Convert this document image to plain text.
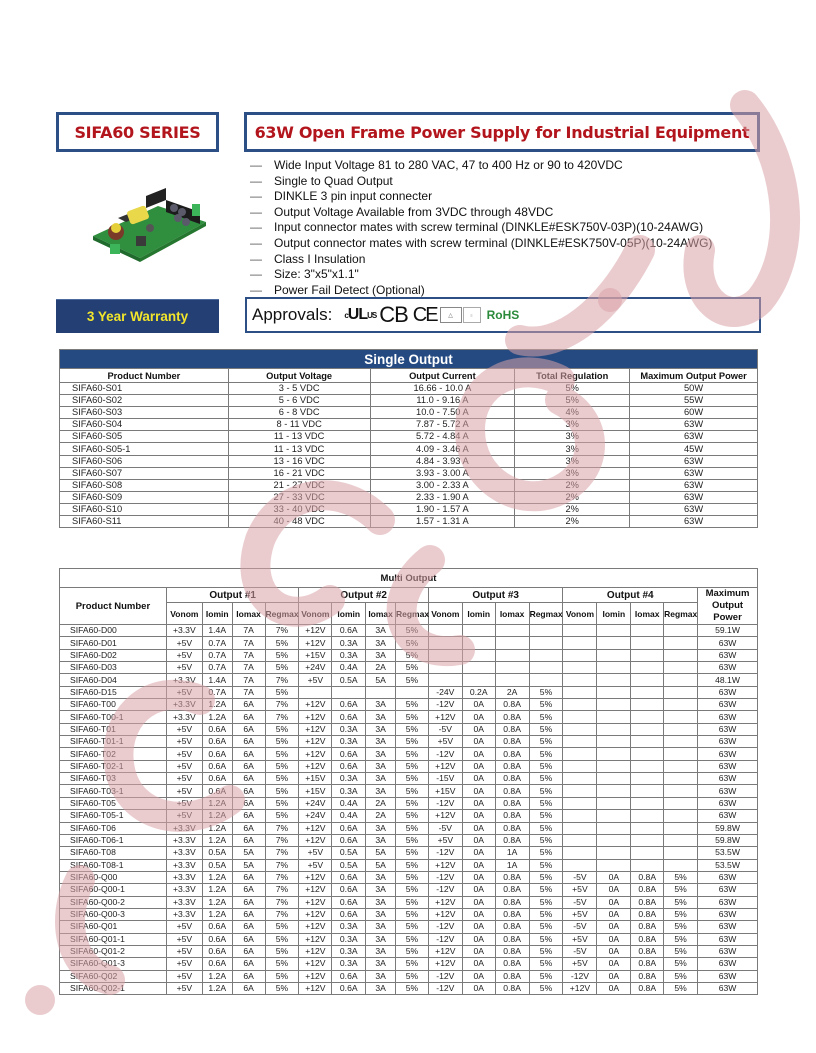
SIFA60 SERIES	63W Open Frame Power Supply for Industrial Equipment
—	Wide Input Voltage 81 to 280 VAC, 47 to 400 Hz or 90 to 420VDC
—	Single to Quad Output
—	DINKLE 3 pin input connecter
—	Output Voltage Available from 3VDC through 48VDC
—	Input connector mates with screw terminal (DINKLE#ESK750V-03P)(10-24AWG)
—	Output connector mates with screw terminal (DINKLE#ESK750V-05P)(10-24AWG)
—	Class I Insulation
—	Size: 3"x5"x1.1"
—	Power Fail Detect (Optional)
3 Year Warranty	Approvals: c UL US CB CE	△	≡	RoHS
Single Output				
Product Number	Output Voltage	Output Current	Total Regulation	Maximum Output Power
SIFA60-S01	3 - 5 VDC	16.66 - 10.0 A	5%	50W
SIFA60-S02	5 - 6 VDC	11.0 - 9.16 A	5%	55W
SIFA60-S03	6 - 8 VDC	10.0 - 7.50 A	4%	60W
SIFA60-S04	8 - 11 VDC	7.87 - 5.72 A	3%	63W
SIFA60-S05	11 - 13 VDC	5.72 - 4.84 A	3%	63W
SIFA60-S05-1	11 - 13 VDC	4.09 - 3.46 A	3%	45W
SIFA60-S06	13 - 16 VDC	4.84 - 3.93 A	3%	63W
SIFA60-S07	16 - 21 VDC	3.93 - 3.00 A	3%	63W
SIFA60-S08	21 - 27 VDC	3.00 - 2.33 A	2%	63W
SIFA60-S09	27 - 33 VDC	2.33 - 1.90 A	2%	63W
SIFA60-S10	33 - 40 VDC	1.90 - 1.57 A	2%	63W
SIFA60-S11	40 - 48 VDC	1.57 - 1.31 A	2%	63W
Multi Output																	
Product Number	Output #1				Output #2				Output #3				Output #4				Maximum Output Power
	Vonom	Iomin	Iomax	Regmax	Vonom	Iomin	Iomax	Regmax	Vonom	Iomin	Iomax	Regmax	Vonom	Iomin	Iomax	Regmax	
SIFA60-D00	+3.3V	1.4A	7A	7%	+12V	0.6A	3A	5%									59.1W
SIFA60-D01	+5V	0.7A	7A	5%	+12V	0.3A	3A	5%									63W
SIFA60-D02	+5V	0.7A	7A	5%	+15V	0.3A	3A	5%									63W
SIFA60-D03	+5V	0.7A	7A	5%	+24V	0.4A	2A	5%									63W
SIFA60-D04	+3.3V	1.4A	7A	7%	+5V	0.5A	5A	5%									48.1W
SIFA60-D15	+5V	0.7A	7A	5%					-24V	0.2A	2A	5%					63W
SIFA60-T00	+3.3V	1.2A	6A	7%	+12V	0.6A	3A	5%	-12V	0A	0.8A	5%					63W
SIFA60-T00-1	+3.3V	1.2A	6A	7%	+12V	0.6A	3A	5%	+12V	0A	0.8A	5%					63W
SIFA60-T01	+5V	0.6A	6A	5%	+12V	0.3A	3A	5%	-5V	0A	0.8A	5%					63W
SIFA60-T01-1	+5V	0.6A	6A	5%	+12V	0.3A	3A	5%	+5V	0A	0.8A	5%					63W
SIFA60-T02	+5V	0.6A	6A	5%	+12V	0.6A	3A	5%	-12V	0A	0.8A	5%					63W
SIFA60-T02-1	+5V	0.6A	6A	5%	+12V	0.6A	3A	5%	+12V	0A	0.8A	5%					63W
SIFA60-T03	+5V	0.6A	6A	5%	+15V	0.3A	3A	5%	-15V	0A	0.8A	5%					63W
SIFA60-T03-1	+5V	0.6A	6A	5%	+15V	0.3A	3A	5%	+15V	0A	0.8A	5%					63W
SIFA60-T05	+5V	1.2A	6A	5%	+24V	0.4A	2A	5%	-12V	0A	0.8A	5%					63W
SIFA60-T05-1	+5V	1.2A	6A	5%	+24V	0.4A	2A	5%	+12V	0A	0.8A	5%					63W
SIFA60-T06	+3.3V	1.2A	6A	7%	+12V	0.6A	3A	5%	-5V	0A	0.8A	5%					59.8W
SIFA60-T06-1	+3.3V	1.2A	6A	7%	+12V	0.6A	3A	5%	+5V	0A	0.8A	5%					59.8W
SIFA60-T08	+3.3V	0.5A	5A	7%	+5V	0.5A	5A	5%	-12V	0A	1A	5%					53.5W
SIFA60-T08-1	+3.3V	0.5A	5A	7%	+5V	0.5A	5A	5%	+12V	0A	1A	5%					53.5W
SIFA60-Q00	+3.3V	1.2A	6A	7%	+12V	0.6A	3A	5%	-12V	0A	0.8A	5%	-5V	0A	0.8A	5%	63W
SIFA60-Q00-1	+3.3V	1.2A	6A	7%	+12V	0.6A	3A	5%	-12V	0A	0.8A	5%	+5V	0A	0.8A	5%	63W
SIFA60-Q00-2	+3.3V	1.2A	6A	7%	+12V	0.6A	3A	5%	+12V	0A	0.8A	5%	-5V	0A	0.8A	5%	63W
SIFA60-Q00-3	+3.3V	1.2A	6A	7%	+12V	0.6A	3A	5%	+12V	0A	0.8A	5%	+5V	0A	0.8A	5%	63W
SIFA60-Q01	+5V	0.6A	6A	5%	+12V	0.3A	3A	5%	-12V	0A	0.8A	5%	-5V	0A	0.8A	5%	63W
SIFA60-Q01-1	+5V	0.6A	6A	5%	+12V	0.3A	3A	5%	-12V	0A	0.8A	5%	+5V	0A	0.8A	5%	63W
SIFA60-Q01-2	+5V	0.6A	6A	5%	+12V	0.3A	3A	5%	+12V	0A	0.8A	5%	-5V	0A	0.8A	5%	63W
SIFA60-Q01-3	+5V	0.6A	6A	5%	+12V	0.3A	3A	5%	+12V	0A	0.8A	5%	+5V	0A	0.8A	5%	63W
SIFA60-Q02	+5V	1.2A	6A	5%	+12V	0.6A	3A	5%	-12V	0A	0.8A	5%	-12V	0A	0.8A	5%	63W
SIFA60-Q02-1	+5V	1.2A	6A	5%	+12V	0.6A	3A	5%	-12V	0A	0.8A	5%	+12V	0A	0.8A	5%	63W
